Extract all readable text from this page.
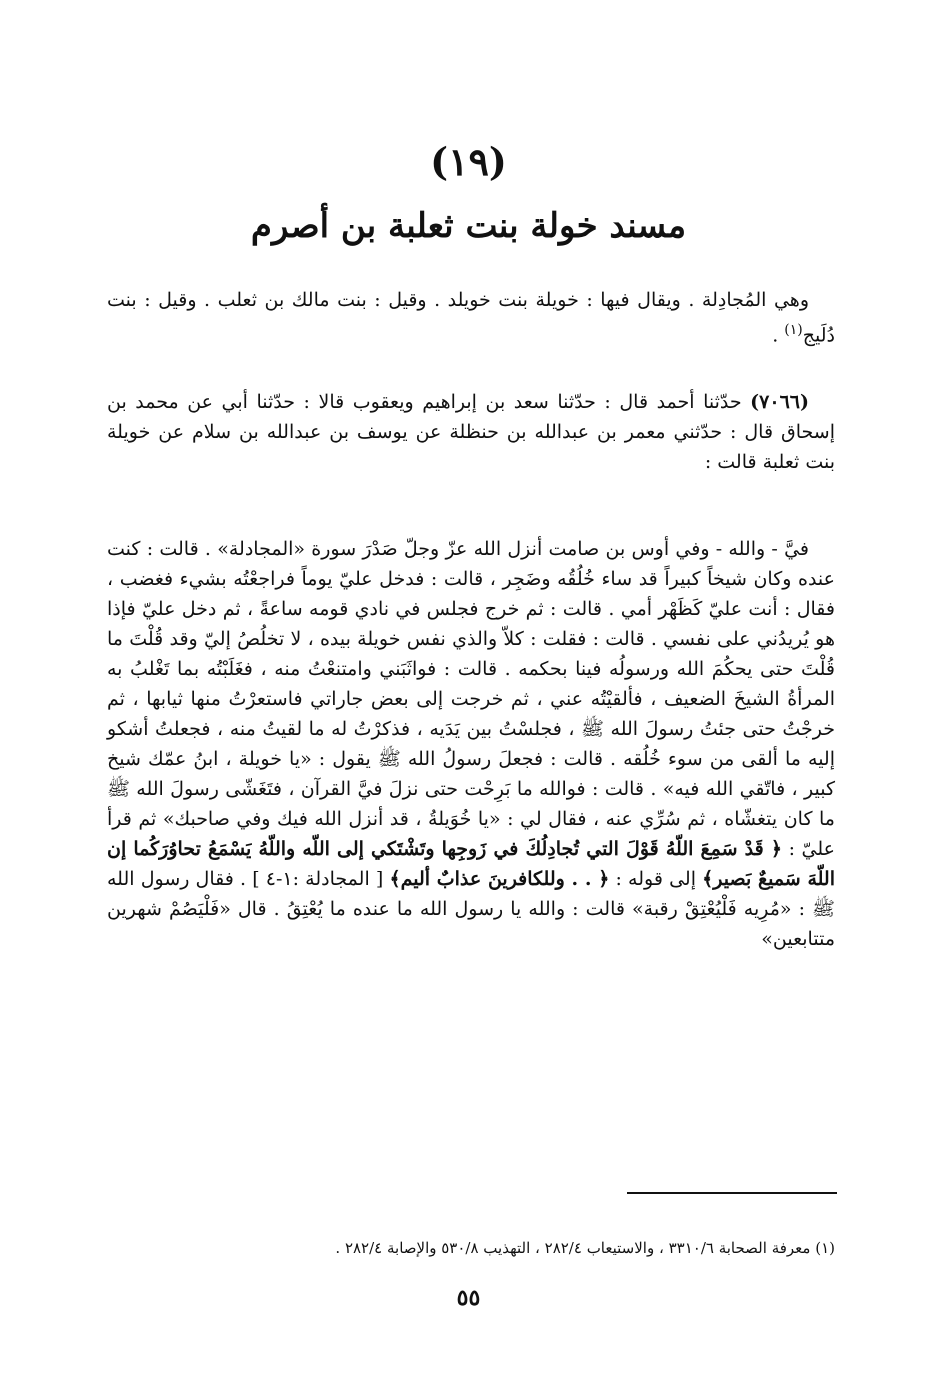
(١٩)
مسند خولة بنت ثعلبة بن أصرم
وهي المُجادِلة . ويقال فيها : خويلة بنت خويلد . وقيل : بنت مالك بن ثعلب . وقيل : بنت دُلَيج$^{(١)}$ .
(٧٠٦٦) حدّثنا أحمد قال : حدّثنا سعد بن إبراهيم ويعقوب قالا : حدّثنا أبي عن محمد بن إسحاق قال : حدّثني معمر بن عبدالله بن حنظلة عن يوسف بن عبدالله بن سلام عن خويلة بنت ثعلبة قالت :
فيَّ - والله - وفي أوس بن صامت أنزل الله عزّ وجلّ صَدْرَ سورة «المجادلة» . قالت : كنت عنده وكان شيخاً كبيراً قد ساء خُلُقُه وضَجِر ، قالت : فدخل عليّ يوماً فراجعْتُه بشيء فغضب ، فقال : أنت عليّ كَظَهْر أمي . قالت : ثم خرج فجلس في نادي قومه ساعةً ، ثم دخل عليّ فإذا هو يُريدُني على نفسي . قالت : فقلت : كلاّ والذي نفس خويلة بيده ، لا تخلُصُ إليّ وقد قُلْتَ ما قُلْتَ حتى يحكُمَ الله ورسولُه فينا بحكمه . قالت : فواثَبَني وامتنعْتُ منه ، فغَلَبْتُه بما تَغْلبُ به المرأةُ الشيخَ الضعيف ، فألقيْتُه عني ، ثم خرجت إلى بعض جاراتي فاستعرْتُ منها ثيابها ، ثم خرجْتُ حتى جئتُ رسولَ الله ﷺ ، فجلسْتُ بين يَدَيه ، فذكرْتُ له ما لقيتُ منه ، فجعلتُ أشكو إليه ما ألقى من سوء خُلُقه . قالت : فجعلَ رسولُ الله ﷺ يقول : «يا خويلة ، ابنُ عمّك شيخ كبير ، فاتّقي الله فيه» . قالت : فوالله ما بَرِحْت حتى نزلَ فيَّ القرآن ، فتَغَشّى رسولَ الله ﷺ ما كان يتغشّاه ، ثم سُرِّي عنه ، فقال لي : «يا خُوَيلةُ ، قد أنزل الله فيك وفي صاحبك» ثم قرأ عليّ : ﴿ قَدْ سَمِعَ اللّهُ قَوْلَ التي تُجادِلُكَ في زَوجِها وتَشْتَكي إلى اللّه واللّهُ يَسْمَعُ تحاوُرَكُما إن اللّهَ سَميعٌ بَصير﴾ إلى قوله : ﴿ . . وللكافرينَ عذابٌ أليم﴾ [ المجادلة :١-٤ ] . فقال رسول الله ﷺ : «مُرِيه فَلْيُعْتِقْ رقبة» قالت : والله يا رسول الله ما عنده ما يُعْتِقُ . قال «فَلْيَصُمْ شهرين متتابعين»
(١) معرفة الصحابة ٣٣١٠/٦ ، والاستيعاب ٢٨٢/٤ ، التهذيب ٥٣٠/٨ والإصابة ٢٨٢/٤ .
٥٥
